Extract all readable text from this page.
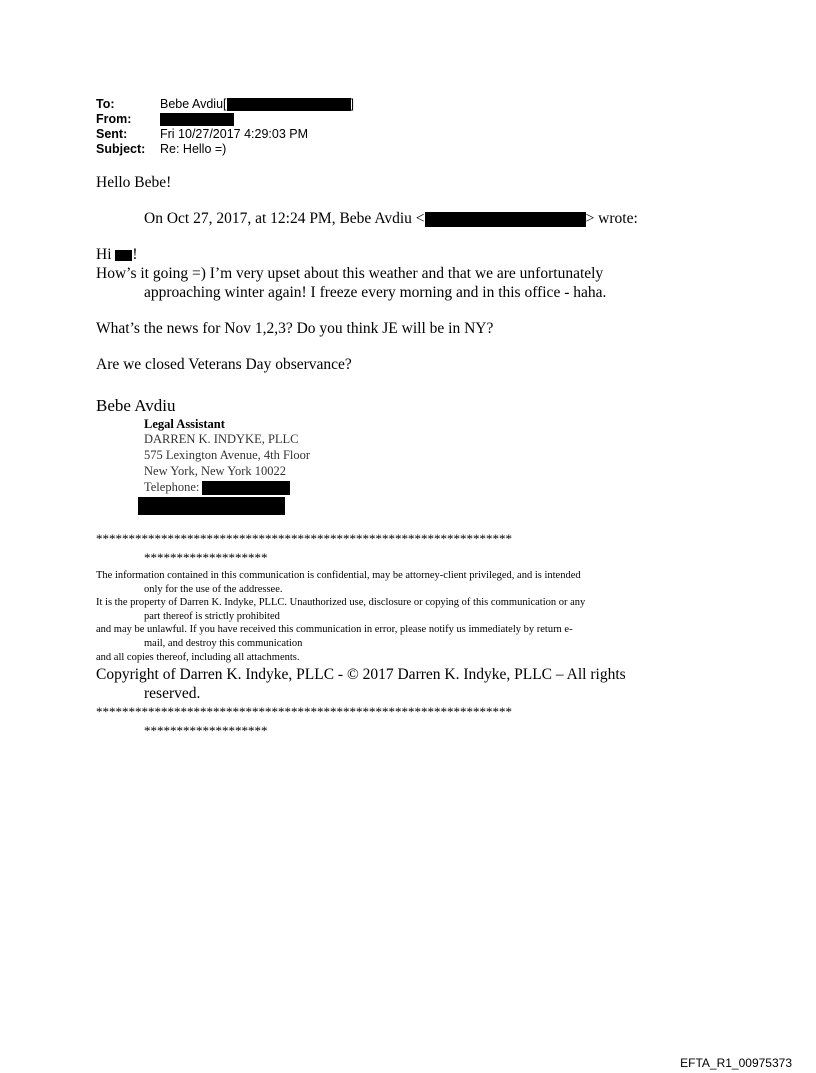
To:	Bebe Avdiu[	]
From:
Sent:	Fri 10/27/2017 4:29:03 PM
Subject: Re: Hello =)
Hello Bebe!
On Oct 27, 2017, at 12:24 PM, Bebe Avdiu <	> wrote:
Hi !
How’s it going =) I’m very upset about this weather and that we are unfortunately
approaching winter again! I freeze every morning and in this office - haha.
What’s the news for Nov 1,2,3? Do you think JE will be in NY?
Are we closed Veterans Day observance?
Bebe Avdiu
Legal Assistant
DARREN K. INDYKE, PLLC
575 Lexington Avenue, 4th Floor
New York, New York 10022
Telephone:
****************************************************************
*******************
The information contained in this communication is confidential, may be attorney-client privileged, and is intended
only for the use of the addressee.
It is the property of Darren K. Indyke, PLLC. Unauthorized use, disclosure or copying of this communication or any
part thereof is strictly prohibited
and may be unlawful. If you have received this communication in error, please notify us immediately by return e-
mail, and destroy this communication
and all copies thereof, including all attachments.
Copyright of Darren K. Indyke, PLLC - © 2017 Darren K. Indyke, PLLC – All rights
reserved.
****************************************************************
*******************
EFTA_R1_00975373
